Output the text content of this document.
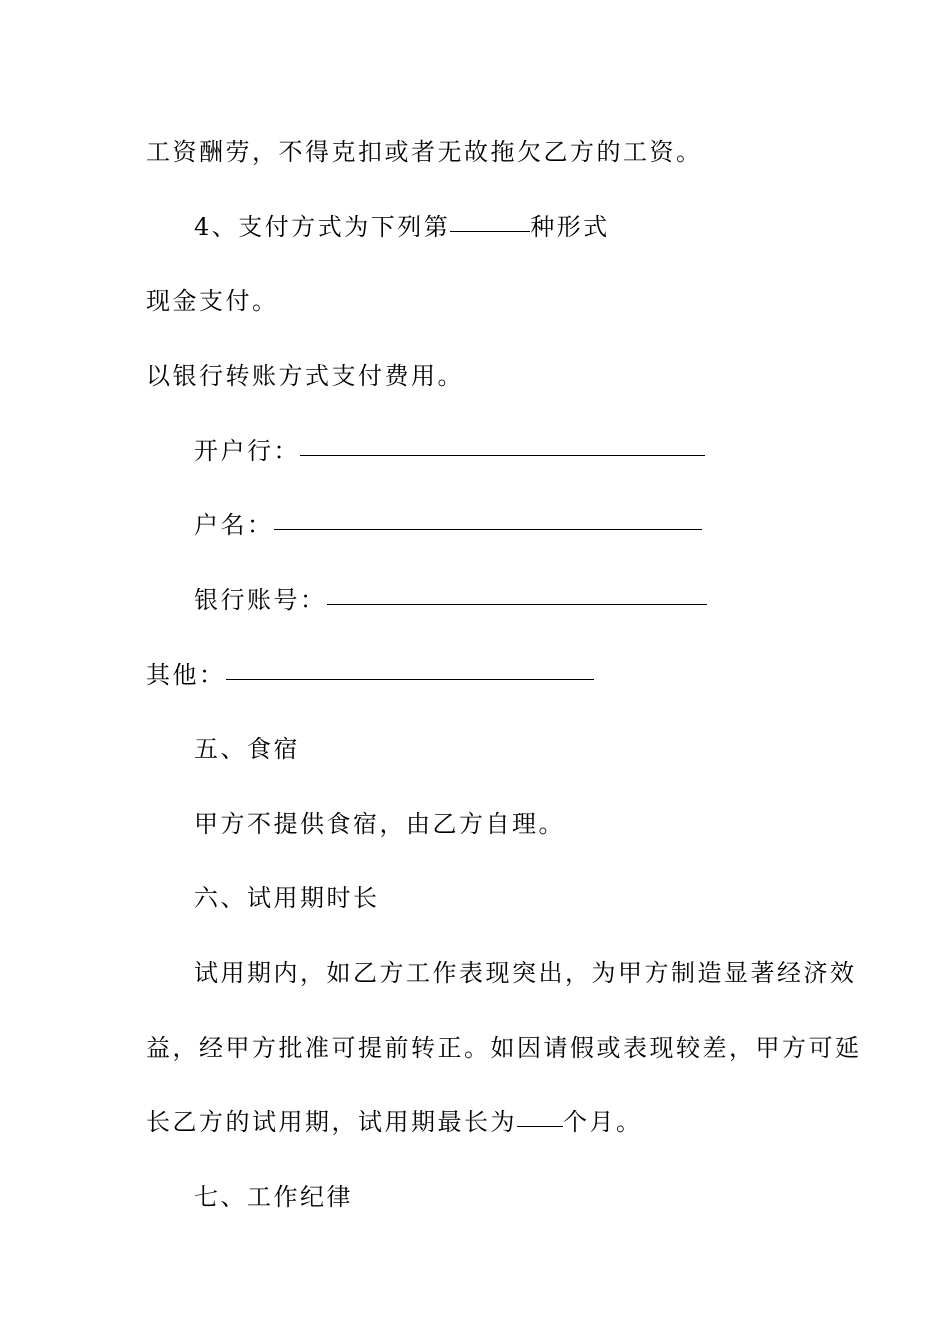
工资酬劳，不得克扣或者无故拖欠乙方的工资。
4、支付方式为下列第	种形式
现金支付。
以银行转账方式支付费用。
开户行：
户名：
银行账号：
其他：
五、食宿
甲方不提供食宿，由乙方自理。
六、试用期时长
试用期内，如乙方工作表现突出，为甲方制造显著经济效
益，经甲方批准可提前转正。如因请假或表现较差，甲方可延
长乙方的试用期，试用期最长为 个月。
七、工作纪律
